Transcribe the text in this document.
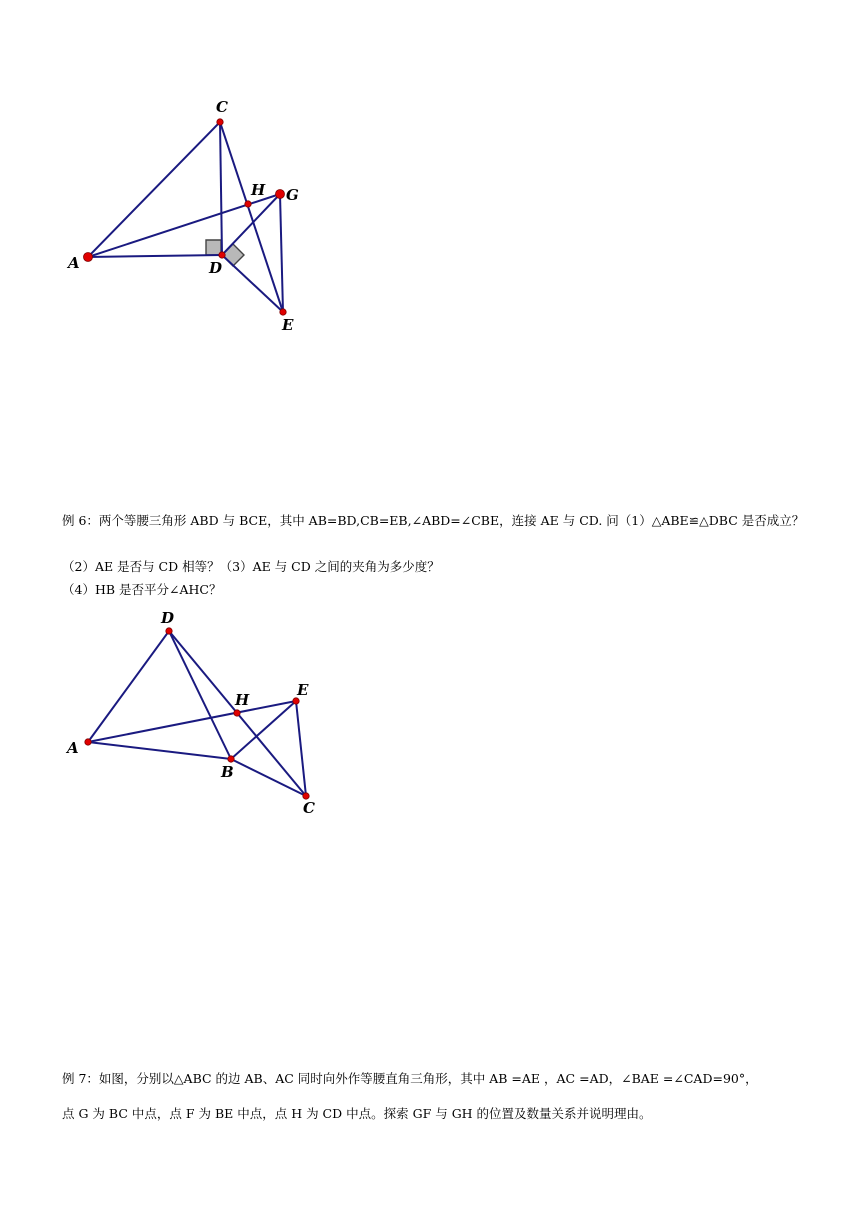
A
C
D
E
G
H

例 6：两个等腰三角形 ABD 与 BCE，其中 AB=BD,CB=EB,∠ABD=∠CBE，连接 AE 与 CD. 问（1）△ABE≌△DBC 是否成立？

（2）AE 是否与 CD 相等？（3）AE 与 CD 之间的夹角为多少度？

（4）HB 是否平分∠AHC？

A
D
B
H
E
C

例 7：如图，分别以△ABC 的边 AB、AC 同时向外作等腰直角三角形，其中 AB =AE ，AC =AD，∠BAE =∠CAD=90°，

点 G 为 BC 中点，点 F 为 BE 中点，点 H 为 CD 中点。探索 GF 与 GH 的位置及数量关系并说明理由。
